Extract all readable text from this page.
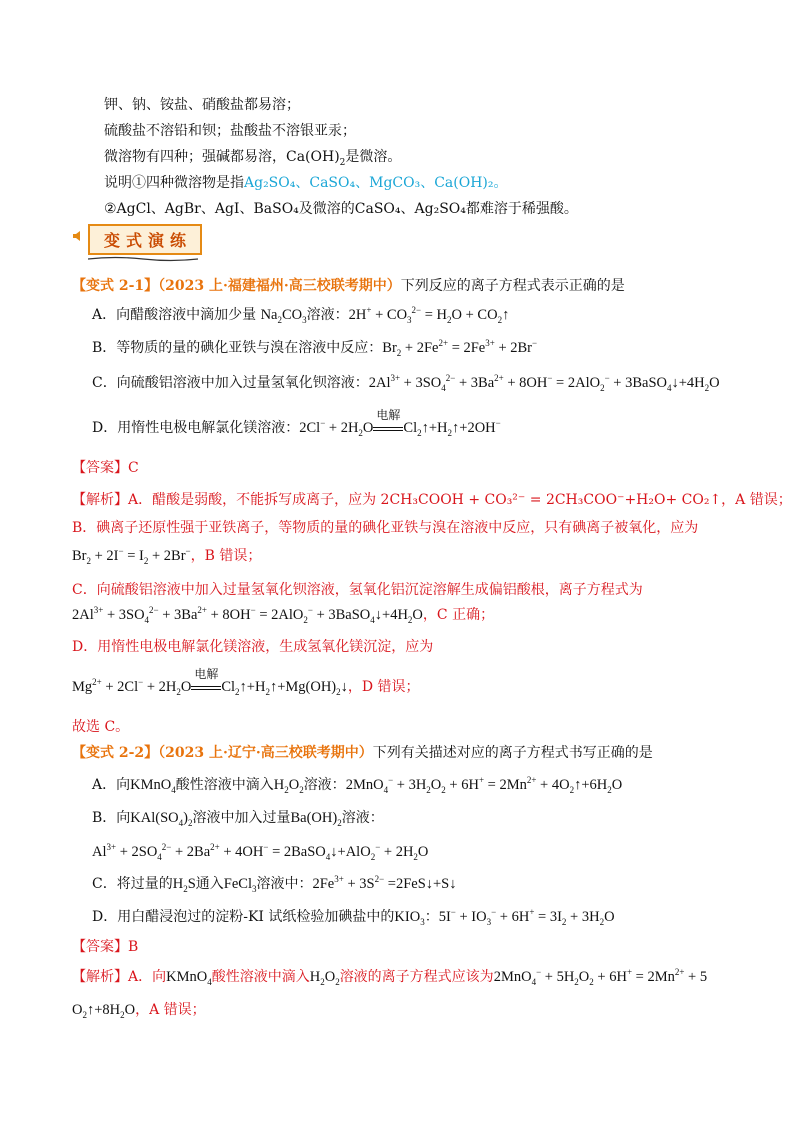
钾、钠、铵盐、硝酸盐都易溶；
硫酸盐不溶铅和钡；盐酸盐不溶银亚汞；
微溶物有四种；强碱都易溶，$Ca(OH)_2$是微溶。
说明①四种微溶物是指Ag₂SO₄、CaSO₄、MgCO₃、Ca(OH)₂。
②AgCl、AgBr、AgI、BaSO₄及微溶的CaSO₄、Ag₂SO₄都难溶于稀强酸。
变式演练
【变式 2-1】（2023 上·福建福州·高三校联考期中）下列反应的离子方程式表示正确的是
A．向醋酸溶液中滴加少量 $Na_2CO_3$溶液：$2H^+ + CO_3^{2-} = H_2O$ + $CO_2↑$
B．等物质的量的碘化亚铁与溴在溶液中反应：$Br_2 + 2Fe^{2+} = 2Fe^{3+} + 2Br^-$
C．向硫酸铝溶液中加入过量氢氧化钡溶液：$2Al^{3+} + 3SO_4^{2-} + 3Ba^{2+} + 8OH^- = 2AlO_2^-$ + $3BaSO_4↓+4H_2O$
D．用惰性电极电解氯化镁溶液：$2Cl^- + 2H_2O$
电解
$Cl_2↑+H_2↑+2OH^-$
【答案】C
【解析】A．醋酸是弱酸，不能拆写成离子，应为 2CH₃COOH + CO₃²⁻ = 2CH₃COO⁻+H₂O+ CO₂↑，A 错误；
B．碘离子还原性强于亚铁离子，等物质的量的碘化亚铁与溴在溶液中反应，只有碘离子被氧化，应为
$Br_2 + 2I^- = I_2 + 2Br^-$，B 错误；
C．向硫酸铝溶液中加入过量氢氧化钡溶液，氢氧化铝沉淀溶解生成偏铝酸根，离子方程式为
$2Al^{3+} + 3SO_4^{2-} + 3Ba^{2+} + 8OH^- = 2AlO_2^-$ + $3BaSO_4↓+4H_2O$，C 正确；
D．用惰性电极电解氯化镁溶液，生成氢氧化镁沉淀，应为
$Mg^{2+} + 2Cl^- + 2H_2O$
电解
$Cl_2↑+H_2↑+Mg(OH)_2↓$，D 错误；
故选 C。
【变式 2-2】（2023 上·辽宁·高三校联考期中）下列有关描述对应的离子方程式书写正确的是
A．向KMnO$_4$酸性溶液中滴入$H_2O_2$溶液：$2MnO_4^- + 3H_2O_2 + 6H^+ = 2Mn^{2+}$ + $4O_2↑+6H_2O$
B．向$KAl(SO_4)_2$溶液中加入过量$Ba(OH)_2$溶液：
$Al^{3+} + 2SO_4^{2-} + 2Ba^{2+} + 4OH^-$ = 2BaSO$_4$↓+AlO$_2$− + $2H_2O$
C．将过量的$H_2S$通入FeCl$_3$溶液中：$2Fe^{3+} + 3S^{2-}$ =2FeS↓+S↓
D．用白醋浸泡过的淀粉-KI 试纸检验加碘盐中的$KIO_3$：$5I^- + IO_3^- + 6H^+ = 3I_2 + 3H_2O$
【答案】B
【解析】A．向KMnO$_4$酸性溶液中滴入$H_2O_2$溶液的离子方程式应该为$2MnO_4^- + 5H_2O_2 + 6H^+ = 2Mn^{2+} + 5$
$O_2↑+8H_2O$，A 错误；
